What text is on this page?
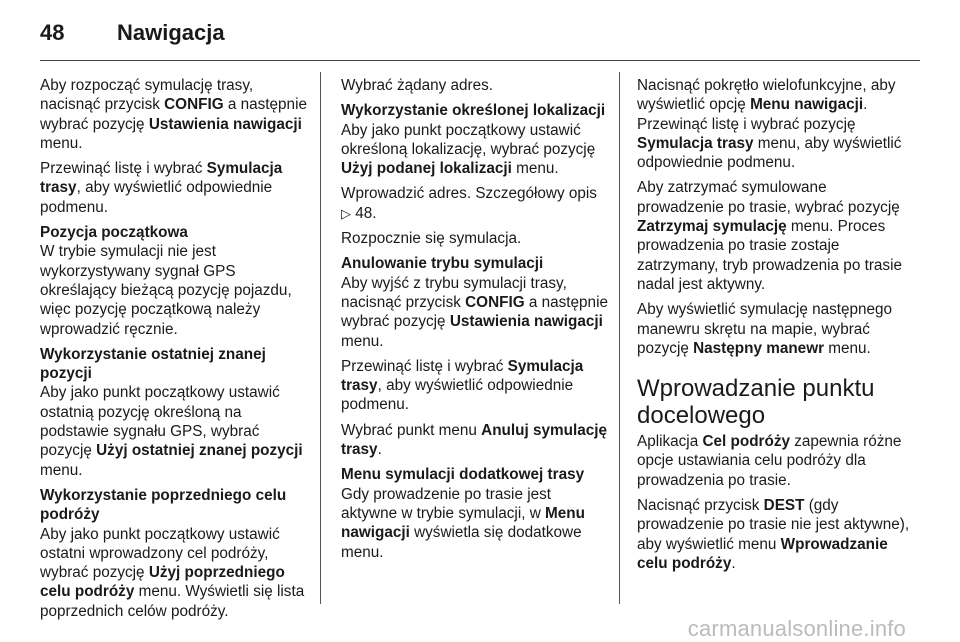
48	Nawigacja

Aby rozpocząć symulację trasy, nacisnąć przycisk CONFIG a następnie wybrać pozycję Ustawienia nawigacji menu.

Przewinąć listę i wybrać Symulacja trasy, aby wyświetlić odpowiednie podmenu.

Pozycja początkowa

W trybie symulacji nie jest wykorzystywany sygnał GPS określający bieżącą pozycję pojazdu, więc pozycję początkową należy wprowadzić ręcznie.

Wykorzystanie ostatniej znanej pozycji

Aby jako punkt początkowy ustawić ostatnią pozycję określoną na podstawie sygnału GPS, wybrać pozycję Użyj ostatniej znanej pozycji menu.

Wykorzystanie poprzedniego celu podróży

Aby jako punkt początkowy ustawić ostatni wprowadzony cel podróży, wybrać pozycję Użyj poprzedniego celu podróży menu. Wyświetli się lista poprzednich celów podróży.

Wybrać żądany adres.

Wykorzystanie określonej lokalizacji

Aby jako punkt początkowy ustawić określoną lokalizację, wybrać pozycję Użyj podanej lokalizacji menu.

Wprowadzić adres. Szczegółowy opis ▷ 48.

Rozpocznie się symulacja.

Anulowanie trybu symulacji

Aby wyjść z trybu symulacji trasy, nacisnąć przycisk CONFIG a następnie wybrać pozycję Ustawienia nawigacji menu.

Przewinąć listę i wybrać Symulacja trasy, aby wyświetlić odpowiednie podmenu.

Wybrać punkt menu Anuluj symulację trasy.

Menu symulacji dodatkowej trasy

Gdy prowadzenie po trasie jest aktywne w trybie symulacji, w Menu nawigacji wyświetla się dodatkowe menu.

Nacisnąć pokrętło wielofunkcyjne, aby wyświetlić opcję Menu nawigacji. Przewinąć listę i wybrać pozycję Symulacja trasy menu, aby wyświetlić odpowiednie podmenu.

Aby zatrzymać symulowane prowadzenie po trasie, wybrać pozycję Zatrzymaj symulację menu. Proces prowadzenia po trasie zostaje zatrzymany, tryb prowadzenia po trasie nadal jest aktywny.

Aby wyświetlić symulację następnego manewru skrętu na mapie, wybrać pozycję Następny manewr menu.

Wprowadzanie punktu docelowego

Aplikacja Cel podróży zapewnia różne opcje ustawiania celu podróży dla prowadzenia po trasie.

Nacisnąć przycisk DEST (gdy prowadzenie po trasie nie jest aktywne), aby wyświetlić menu Wprowadzanie celu podróży.

carmanualsonline.info
